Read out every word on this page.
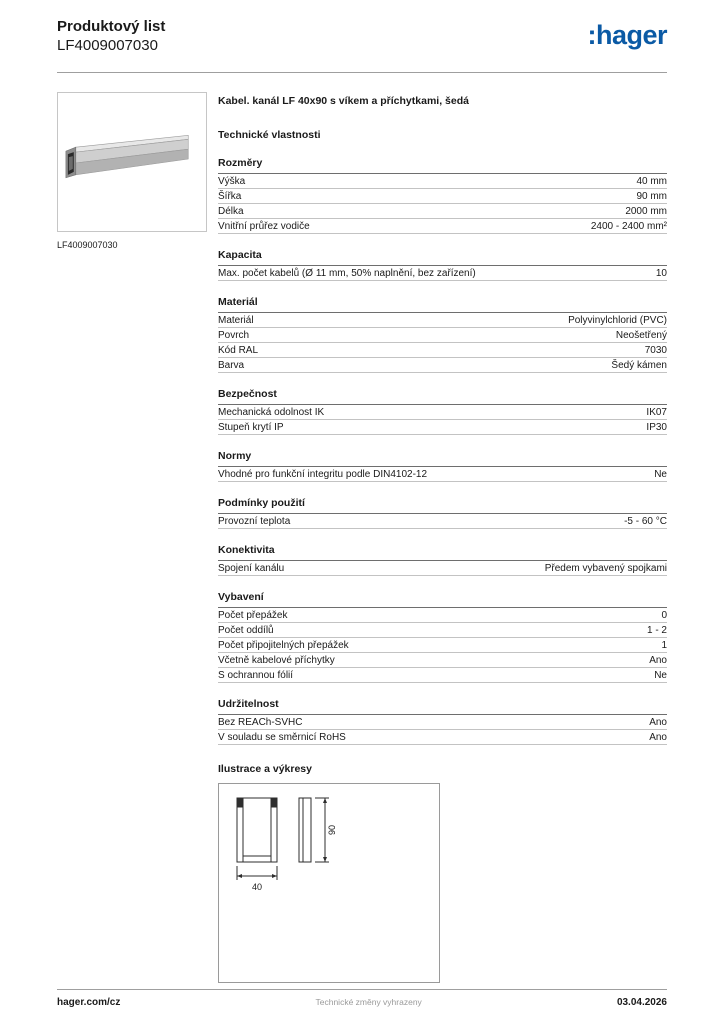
Produktový list
LF4009007030	:hager
LF4009007030
Kabel. kanál LF 40x90 s víkem a příchytkami, šedá
Technické vlastnosti
Rozměry
Výška	40 mm
Šířka	90 mm
Délka	2000 mm
Vnitřní průřez vodiče	2400 - 2400 mm²
Kapacita
Max. počet kabelů (Ø 11 mm, 50% naplnění, bez zařízení)	10
Materiál
Materiál	Polyvinylchlorid (PVC)
Povrch	Neošetřený
Kód RAL	7030
Barva	Šedý kámen
Bezpečnost
Mechanická odolnost IK	IK07
Stupeň krytí IP	IP30
Normy
Vhodné pro funkční integritu podle DIN4102-12	Ne
Podmínky použití
Provozní teplota	-5 - 60 °C
Konektivita
Spojení kanálu	Předem vybavený spojkami
Vybavení
Počet přepážek	0
Počet oddílů	1 - 2
Počet připojitelných přepážek	1
Včetně kabelové příchytky	Ano
S ochrannou fólií	Ne
Udržitelnost
Bez REACh-SVHC	Ano
V souladu se směrnicí RoHS	Ano
Ilustrace a výkresy
40
90
hager.com/cz	Technické změny vyhrazeny	03.04.2026
